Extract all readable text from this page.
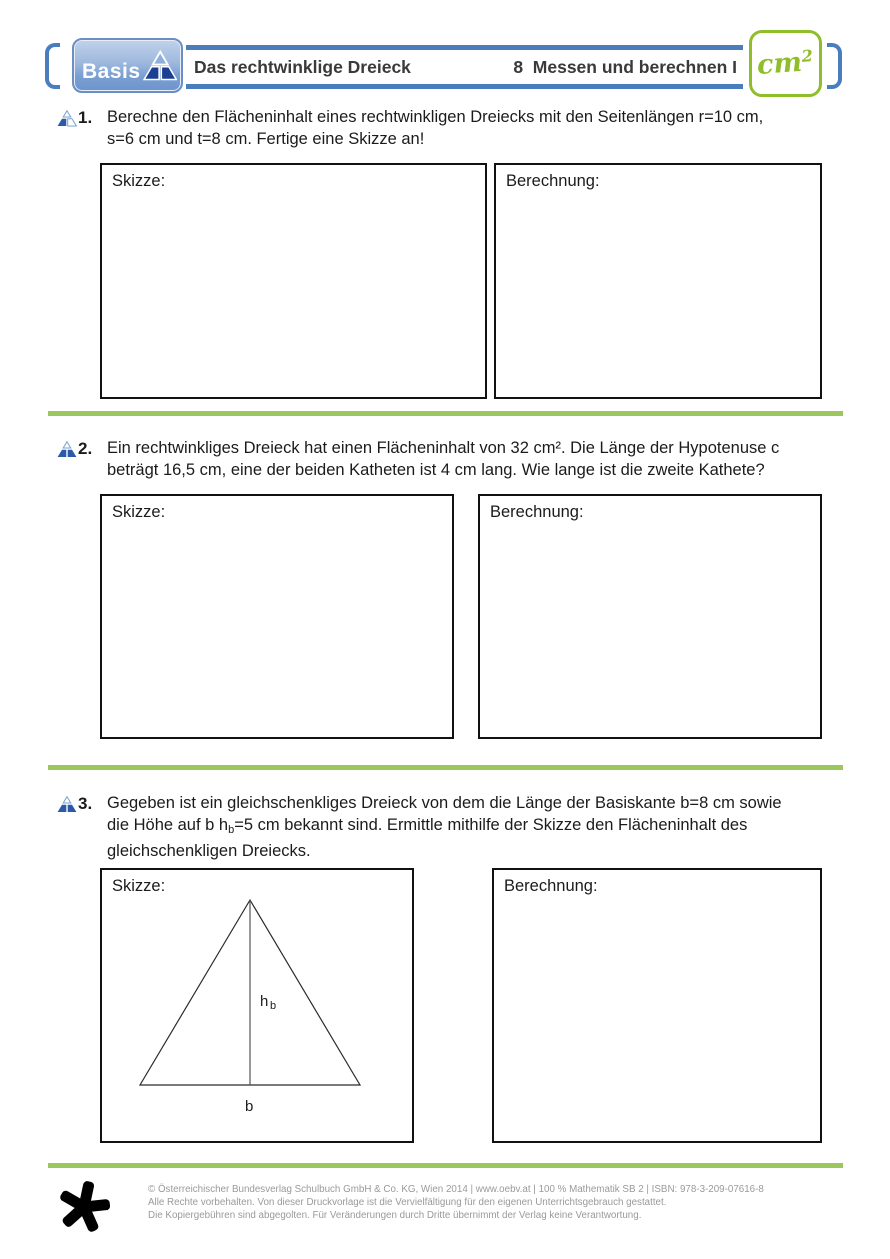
Basis	Das rechtwinklige Dreieck	8  Messen und berechnen I $cm^2$
1. Berechne den Flächeninhalt eines rechtwinkligen Dreiecks mit den Seitenlängen r=10 cm,
s=6 cm und t=8 cm. Fertige eine Skizze an!
Skizze:	Berechnung:
2. Ein rechtwinkliges Dreieck hat einen Flächeninhalt von 32 cm². Die Länge der Hypotenuse c
beträgt 16,5 cm, eine der beiden Katheten ist 4 cm lang. Wie lange ist die zweite Kathete?
Skizze:	Berechnung:
3. Gegeben ist ein gleichschenkliges Dreieck von dem die Länge der Basiskante b=8 cm sowie
die Höhe auf b $h_b=5$ cm bekannt sind. Ermittle mithilfe der Skizze den Flächeninhalt des
gleichschenkligen Dreiecks.
Skizze:
h b
b
Berechnung:
© Österreichischer Bundesverlag Schulbuch GmbH & Co. KG, Wien 2014 | www.oebv.at | 100 % Mathematik SB 2 | ISBN: 978-3-209-07616-8
Alle Rechte vorbehalten. Von dieser Druckvorlage ist die Vervielfältigung für den eigenen Unterrichtsgebrauch gestattet.
Die Kopiergebühren sind abgegolten. Für Veränderungen durch Dritte übernimmt der Verlag keine Verantwortung.
